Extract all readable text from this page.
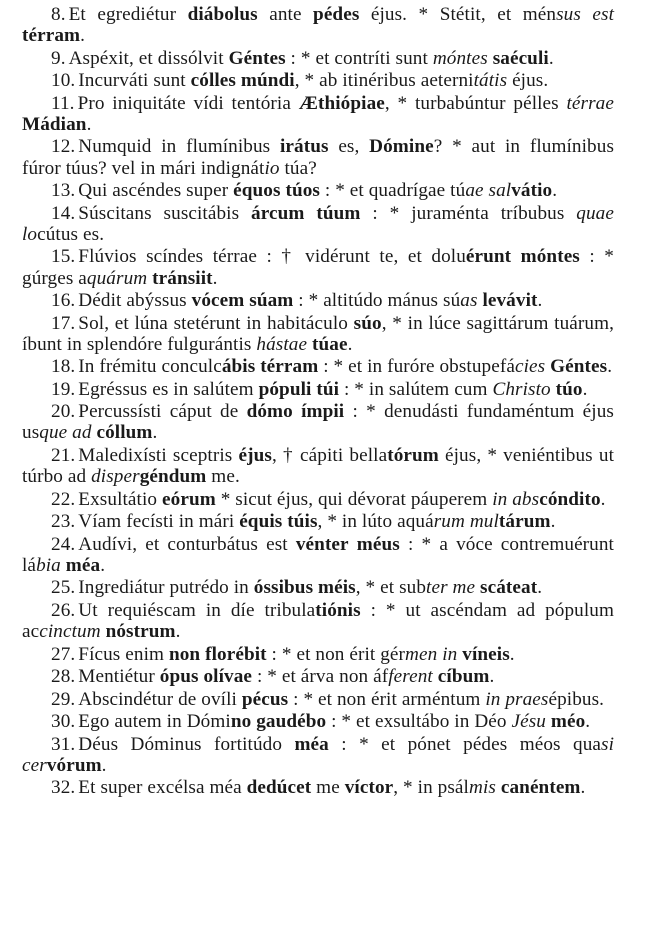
8. Et egrediétur diábolus ante pédes éjus. * Stétit, et ménsus est térram.

9. Aspéxit, et dissólvit Géntes : * et contríti sunt móntes saéculi.

10. Incurváti sunt cólles múndi, * ab itinéribus aeternitátis éjus.

11. Pro iniquitáte vídi tentória Æthiópiae, * turbabúntur pélles térrae Mádian.

12. Numquid in flumínibus irátus es, Dómine? * aut in flumínibus fúror túus? vel in mári indignátio túa?

13. Qui ascéndes super équos túos : * et quadrígae túae salvátio.

14. Súscitans suscitábis árcum túum : * juraménta tríbubus quae locútus es.

15. Flúvios scíndes térrae : † vidérunt te, et doluérunt móntes : * gúrges aquárum tránsiit.

16. Dédit abýssus vócem súam : * altitúdo mánus súas levávit.

17. Sol, et lúna stetérunt in habitáculo súo, * in lúce sagittárum tuárum, íbunt in splendóre fulgurántis hástae túae.

18. In frémitu conculcábis térram : * et in furóre obstupefácies Géntes.

19. Egréssus es in salútem pópuli túi : * in salútem cum Christo túo.

20. Percussísti cáput de dómo ímpii : * denudásti fundaméntum éjus usque ad cóllum.

21. Maledixísti sceptris éjus, † cápiti bellatórum éjus, * veniéntibus ut túrbo ad dispergéndum me.

22. Exsultátio eórum * sicut éjus, qui dévorat páuperem in abscóndito.

23. Víam fecísti in mári équis túis, * in lúto aquárum multárum.

24. Audívi, et conturbátus est vénter méus : * a vóce contremuérunt lábia méa.

25. Ingrediátur putrédo in óssibus méis, * et subter me scáteat.

26. Ut requiéscam in díe tribulatiónis : * ut ascéndam ad pópulum accinctum nóstrum.

27. Fícus enim non florébit : * et non érit gérmen in víneis.

28. Mentiétur ópus olívae : * et árva non áfferent cíbum.

29. Abscindétur de ovíli pécus : * et non érit arméntum in praesépibus.

30. Ego autem in Dómino gaudébo : * et exsultábo in Déo Jésu méo.

31. Déus Dóminus fortitúdo méa : * et pónet pédes méos quasi cervórum.

32. Et super excélsa méa dedúcet me víctor, * in psálmis canéntem.
